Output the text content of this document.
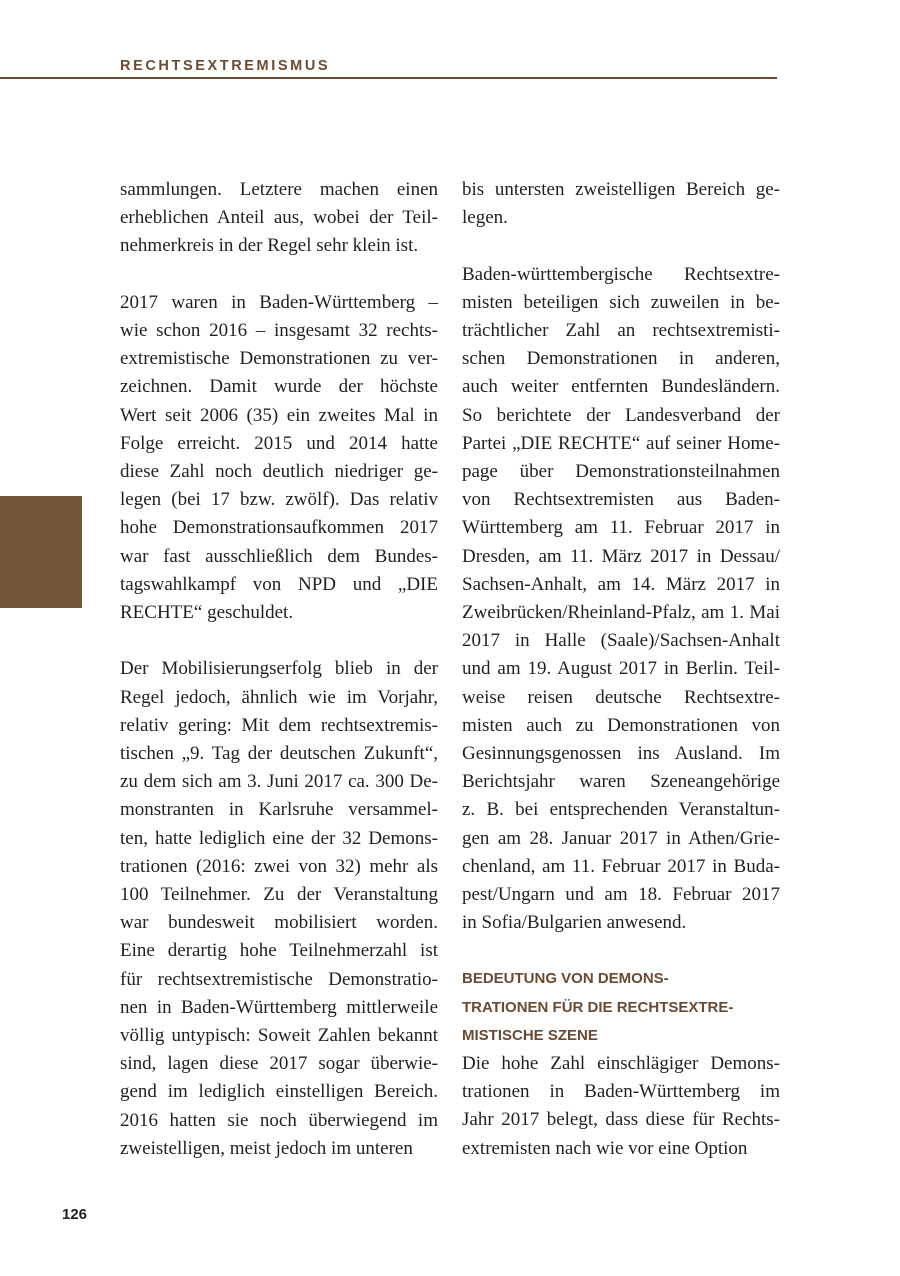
RECHTSEXTREMISMUS

sammlungen. Letztere machen einen
erheblichen Anteil aus, wobei der Teil-
nehmerkreis in der Regel sehr klein ist.

2017 waren in Baden-Württemberg –
wie schon 2016 – insgesamt 32 rechts-
extremistische Demonstrationen zu ver-
zeichnen. Damit wurde der höchste
Wert seit 2006 (35) ein zweites Mal in
Folge erreicht. 2015 und 2014 hatte
diese Zahl noch deutlich niedriger ge-
legen (bei 17 bzw. zwölf). Das relativ
hohe Demonstrationsaufkommen 2017
war fast ausschließlich dem Bundes-
tagswahlkampf von NPD und „DIE
RECHTE“ geschuldet.

Der Mobilisierungserfolg blieb in der
Regel jedoch, ähnlich wie im Vorjahr,
relativ gering: Mit dem rechtsextremis-
tischen „9. Tag der deutschen Zukunft“,
zu dem sich am 3. Juni 2017 ca. 300 De-
monstranten in Karlsruhe versammel-
ten, hatte lediglich eine der 32 Demons-
trationen (2016: zwei von 32) mehr als
100 Teilnehmer. Zu der Veranstaltung
war bundesweit mobilisiert worden.
Eine derartig hohe Teilnehmerzahl ist
für rechtsextremistische Demonstratio-
nen in Baden-Württemberg mittlerweile
völlig untypisch: Soweit Zahlen bekannt
sind, lagen diese 2017 sogar überwie-
gend im lediglich einstelligen Bereich.
2016 hatten sie noch überwiegend im
zweistelligen, meist jedoch im unteren

bis untersten zweistelligen Bereich ge-
legen.

Baden-württembergische Rechtsextre-
misten beteiligen sich zuweilen in be-
trächtlicher Zahl an rechtsextremisti-
schen Demonstrationen in anderen,
auch weiter entfernten Bundesländern.
So berichtete der Landesverband der
Partei „DIE RECHTE“ auf seiner Home-
page über Demonstrationsteilnahmen
von Rechtsextremisten aus Baden-
Württemberg am 11. Februar 2017 in
Dresden, am 11. März 2017 in Dessau/
Sachsen-Anhalt, am 14. März 2017 in
Zweibrücken/Rheinland-Pfalz, am 1. Mai
2017 in Halle (Saale)/Sachsen-Anhalt
und am 19. August 2017 in Berlin. Teil-
weise reisen deutsche Rechtsextre-
misten auch zu Demonstrationen von
Gesinnungsgenossen ins Ausland. Im
Berichtsjahr waren Szeneangehörige
z. B. bei entsprechenden Veranstaltun-
gen am 28. Januar 2017 in Athen/Grie-
chenland, am 11. Februar 2017 in Buda-
pest/Ungarn und am 18. Februar 2017
in Sofia/Bulgarien anwesend.

BEDEUTUNG VON DEMONS-
TRATIONEN FÜR DIE RECHTSEXTRE-
MISTISCHE SZENE

Die hohe Zahl einschlägiger Demons-
trationen in Baden-Württemberg im
Jahr 2017 belegt, dass diese für Rechts-
extremisten nach wie vor eine Option

126
